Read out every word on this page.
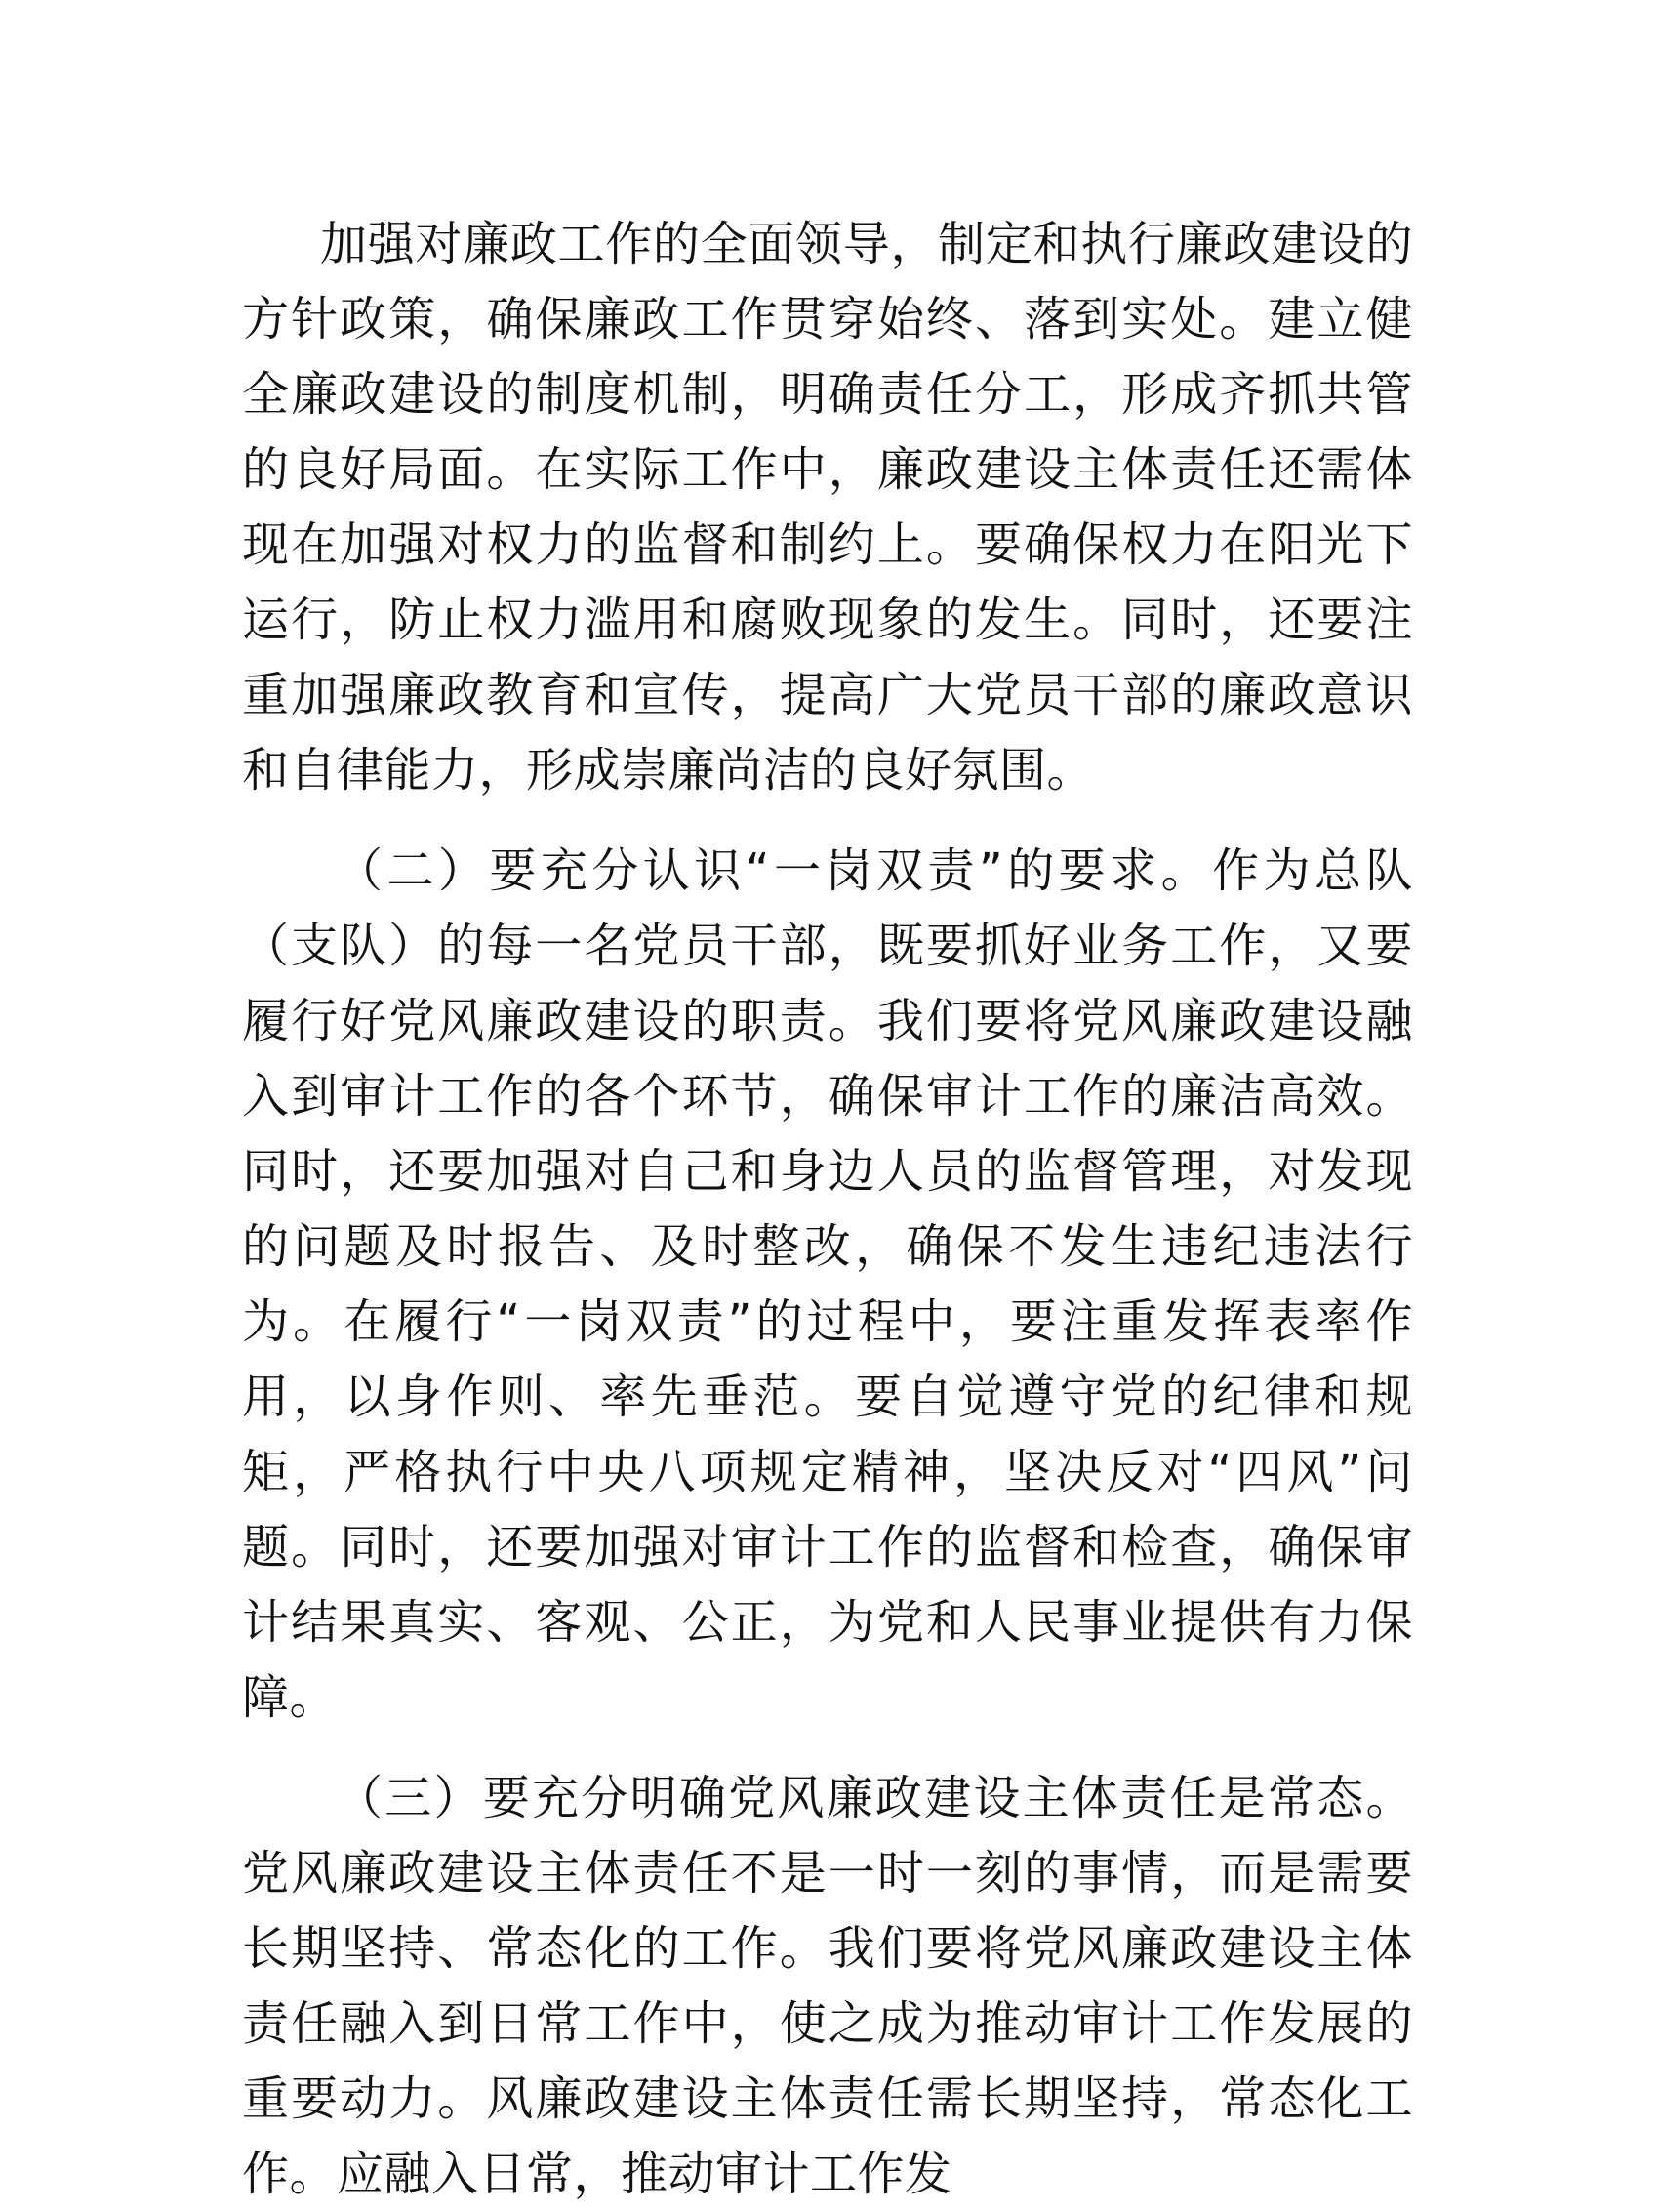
加强对廉政工作的全面领导，制定和执行廉政建设的方针政策，确保廉政工作贯穿始终、落到实处。建立健全廉政建设的制度机制，明确责任分工，形成齐抓共管的良好局面。在实际工作中，廉政建设主体责任还需体现在加强对权力的监督和制约上。要确保权力在阳光下运行，防止权力滥用和腐败现象的发生。同时，还要注重加强廉政教育和宣传，提高广大党员干部的廉政意识和自律能力，形成崇廉尚洁的良好氛围。

（二）要充分认识“一岗双责”的要求。作为总队（支队）的每一名党员干部，既要抓好业务工作，又要履行好党风廉政建设的职责。我们要将党风廉政建设融入到审计工作的各个环节，确保审计工作的廉洁高效。同时，还要加强对自己和身边人员的监督管理，对发现的问题及时报告、及时整改，确保不发生违纪违法行为。在履行“一岗双责”的过程中，要注重发挥表率作用，以身作则、率先垂范。要自觉遵守党的纪律和规矩，严格执行中央八项规定精神，坚决反对“四风”问题。同时，还要加强对审计工作的监督和检查，确保审计结果真实、客观、公正，为党和人民事业提供有力保障。

（三）要充分明确党风廉政建设主体责任是常态。党风廉政建设主体责任不是一时一刻的事情，而是需要长期坚持、常态化的工作。我们要将党风廉政建设主体责任融入到日常工作中，使之成为推动审计工作发展的重要动力。风廉政建设主体责任需长期坚持，常态化工作。应融入日常，推动审计工作发
